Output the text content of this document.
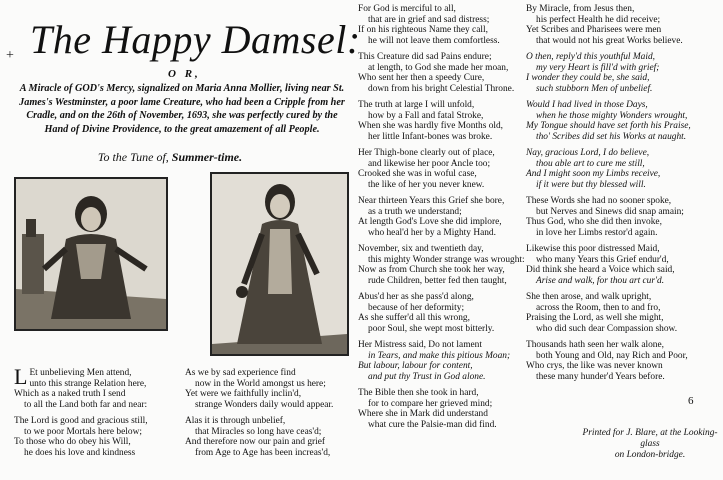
+ The Happy Damsel:
O R,
A Miracle of GOD's Mercy, signalized on Maria Anna Mollier, living near St. James's Westminster, a poor lame Creature, who had been a Cripple from her Cradle, and on the 26th of November, 1693, she was perfectly cured by the Hand of Divine Providence, to the great amazement of all People.
To the Tune of, Summer-time.

L Et unbelieving Men attend,
unto this strange Relation here,
Which as a naked truth I send
to all the Land both far and near:

The Lord is good and gracious still,
to we poor Mortals here below;
To those who do obey his Will,
he does his love and kindness

As we by sad experience find
now in the World amongst us here;
Yet were we faithfully inclin'd,
strange Wonders daily would appear.

Alas it is through unbelief,
that Miracles so long have ceas'd;
And therefore now our pain and grief
from Age to Age has been increas'd,

For God is merciful to all,
that are in grief and sad distress;
If on his righteous Name they call,
he will not leave them comfortless.

This Creature did sad Pains endure;
at length, to God she made her moan,
Who sent her then a speedy Cure,
down from his bright Celestial Throne.

The truth at large I will unfold,
how by a Fall and fatal Stroke,
When she was hardly five Months old,
her little Infant-bones was broke.

Her Thigh-bone clearly out of place,
and likewise her poor Ancle too;
Crooked she was in woful case,
the like of her you never knew.

Near thirteen Years this Grief she bore,
as a truth we understand;
At length God's Love she did implore,
who heal'd her by a Mighty Hand.

November, six and twentieth day,
this mighty Wonder strange was wrought:
Now as from Church she took her way,
rude Children, better fed then taught,

Abus'd her as she pass'd along,
because of her deformity;
As she suffer'd all this wrong,
poor Soul, she wept most bitterly.

Her Mistress said, Do not lament
in Tears, and make this pitious Moan;
But labour, labour for content,
and put thy Trust in God alone.

The Bible then she took in hard,
for to compare her grieved mind;
Where she in Mark did understand
what cure the Palsie-man did find.

By Miracle, from Jesus then,
his perfect Health he did receive;
Yet Scribes and Pharisees were men
that would not his great Works believe.

O then, reply'd this youthful Maid,
my very Heart is fill'd with grief;
I wonder they could be, she said,
such stubborn Men of unbelief.

Would I had lived in those Days,
when he those mighty Wonders wrought,
My Tongue should have set forth his Praise,
tho' Scribes did set his Works at naught.

Nay, gracious Lord, I do believe,
thou able art to cure me still,
And I might soon my Limbs receive,
if it were but thy blessed will.

These Words she had no sooner spoke,
but Nerves and Sinews did snap amain;
Thus God, who she did then invoke,
in love her Limbs restor'd again.

Likewise this poor distressed Maid,
who many Years this Grief endur'd,
Did think she heard a Voice which said,
Arise and walk, for thou art cur'd.

She then arose, and walk upright,
across the Room, then to and fro,
Praising the Lord, as well she might,
who did such dear Compassion show.

Thousands hath seen her walk alone,
both Young and Old, nay Rich and Poor,
Who crys, the like was never known
these many hunder'd Years before.

6
Printed for J. Blare, at the Looking-glass
on London-bridge.
